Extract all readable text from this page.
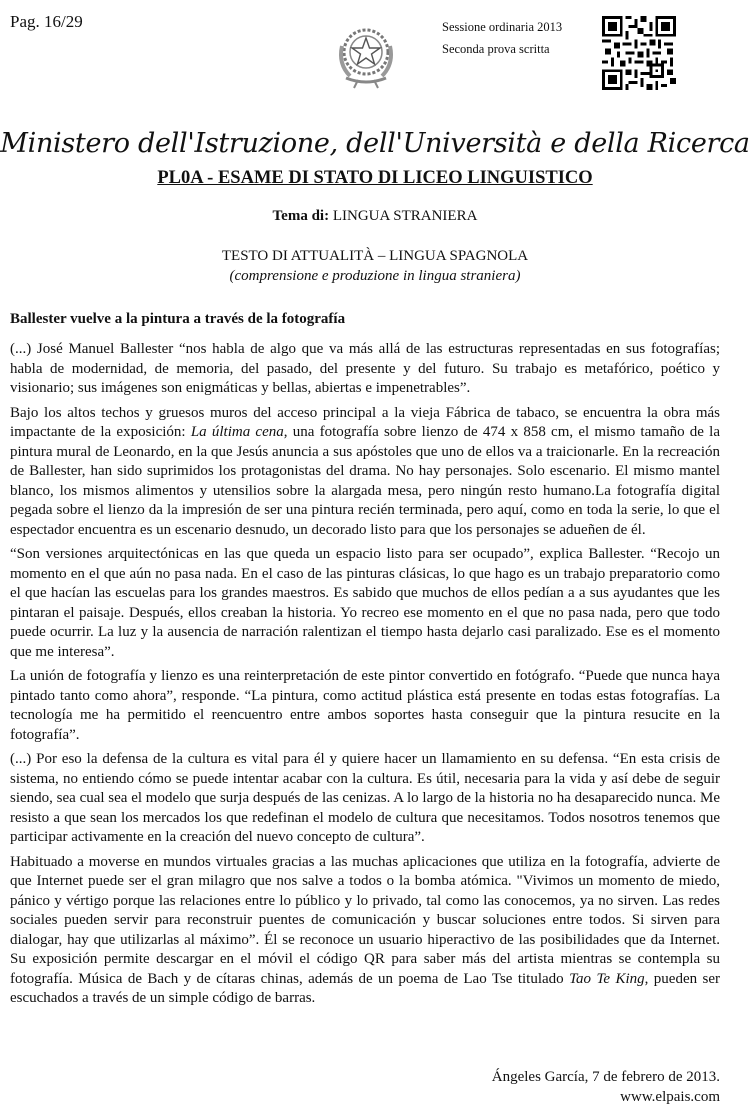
Pag. 16/29	Sessione ordinaria 2013
Seconda prova scritta
Ministero dell'Istruzione, dell'Università e della Ricerca
PL0A - ESAME DI STATO DI LICEO LINGUISTICO
Tema di: LINGUA STRANIERA
TESTO DI ATTUALITÀ – LINGUA SPAGNOLA
(comprensione e produzione in lingua straniera)
Ballester vuelve a la pintura a través de la fotografía

(...) José Manuel Ballester “nos habla de algo que va más allá de las estructuras representadas en sus fotografías; habla de modernidad, de memoria, del pasado, del presente y del futuro. Su trabajo es metafórico, poético y visionario; sus imágenes son enigmáticas y bellas, abiertas e impenetrables”.

Bajo los altos techos y gruesos muros del acceso principal a la vieja Fábrica de tabaco, se encuentra la obra más impactante de la exposición: La última cena, una fotografía sobre lienzo de 474 x 858 cm, el mismo tamaño de la pintura mural de Leonardo, en la que Jesús anuncia a sus apóstoles que uno de ellos va a traicionarle. En la recreación de Ballester, han sido suprimidos los protagonistas del drama. No hay personajes. Solo escenario. El mismo mantel blanco, los mismos alimentos y utensilios sobre la alargada mesa, pero ningún resto humano.La fotografía digital pegada sobre el lienzo da la impresión de ser una pintura recién terminada, pero aquí, como en toda la serie, lo que el espectador encuentra es un escenario desnudo, un decorado listo para que los personajes se adueñen de él.

“Son versiones arquitectónicas en las que queda un espacio listo para ser ocupado”, explica Ballester. “Recojo un momento en el que aún no pasa nada. En el caso de las pinturas clásicas, lo que hago es un trabajo preparatorio como el que hacían las escuelas para los grandes maestros. Es sabido que muchos de ellos pedían a a sus ayudantes que les pintaran el paisaje. Después, ellos creaban la historia. Yo recreo ese momento en el que no pasa nada, pero que todo puede ocurrir. La luz y la ausencia de narración ralentizan el tiempo hasta dejarlo casi paralizado. Ese es el momento que me interesa”.

La unión de fotografía y lienzo es una reinterpretación de este pintor convertido en fotógrafo. “Puede que nunca haya pintado tanto como ahora”, responde. “La pintura, como actitud plástica está presente en todas estas fotografías. La tecnología me ha permitido el reencuentro entre ambos soportes hasta conseguir que la pintura resucite en la fotografía”.

(...) Por eso la defensa de la cultura es vital para él y quiere hacer un llamamiento en su defensa. “En esta crisis de sistema, no entiendo cómo se puede intentar acabar con la cultura. Es útil, necesaria para la vida y así debe de seguir siendo, sea cual sea el modelo que surja después de las cenizas. A lo largo de la historia no ha desaparecido nunca. Me resisto a que sean los mercados los que redefinan el modelo de cultura que necesitamos. Todos nosotros tenemos que participar activamente en la creación del nuevo concepto de cultura”.

Habituado a moverse en mundos virtuales gracias a las muchas aplicaciones que utiliza en la fotografía, advierte de que Internet puede ser el gran milagro que nos salve a todos o la bomba atómica. "Vivimos un momento de miedo, pánico y vértigo porque las relaciones entre lo público y lo privado, tal como las conocemos, ya no sirven. Las redes sociales pueden servir para reconstruir puentes de comunicación y buscar soluciones entre todos. Si sirven para dialogar, hay que utilizarlas al máximo”. Él se reconoce un usuario hiperactivo de las posibilidades que da Internet. Su exposición permite descargar en el móvil el código QR para saber más del artista mientras se contempla su fotografía. Música de Bach y de cítaras chinas, además de un poema de Lao Tse titulado Tao Te King, pueden ser escuchados a través de un simple código de barras.

Ángeles García, 7 de febrero de 2013.
www.elpais.com
